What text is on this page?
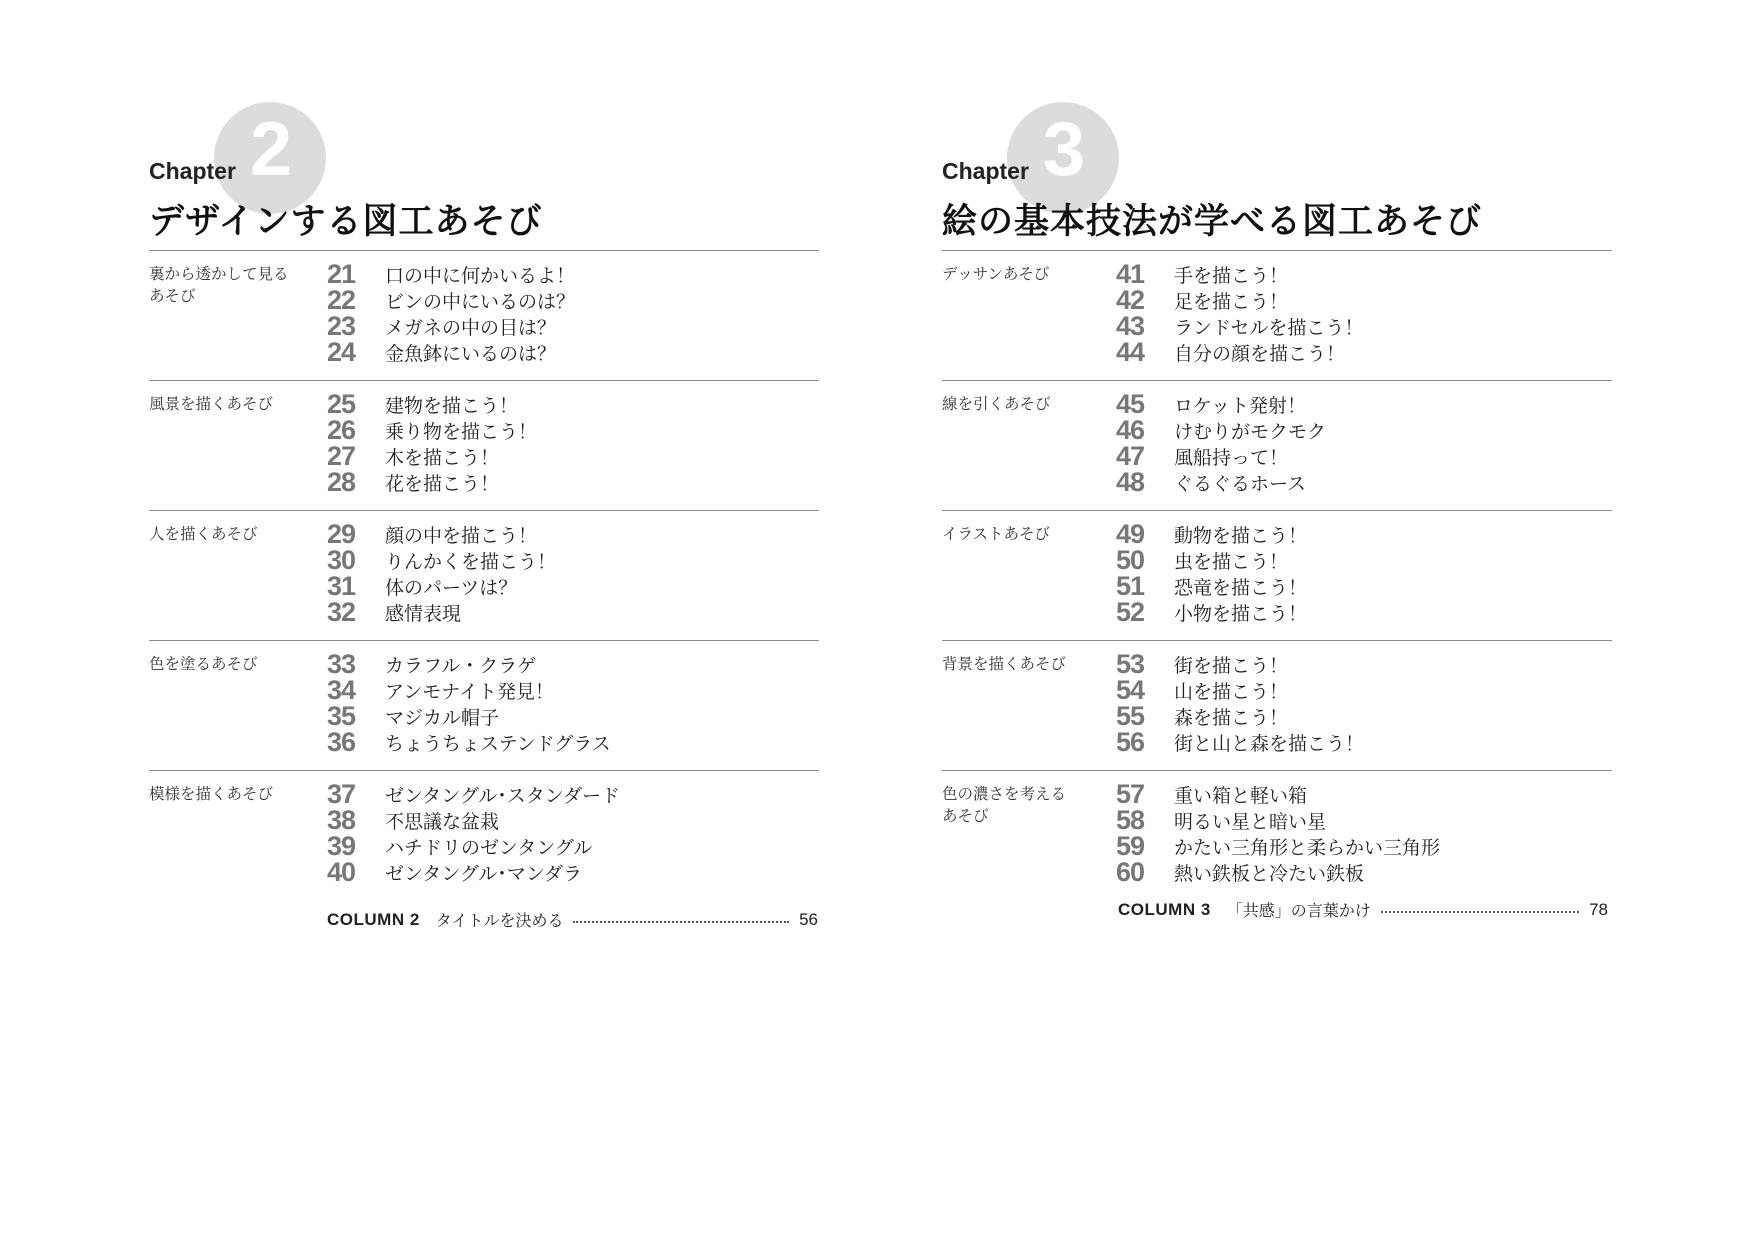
2
Chapter
デザインする図工あそび
裏から透かして見る
あそび
21	口の中に何かいるよ！
22	ビンの中にいるのは？
23	メガネの中の目は？
24	金魚鉢にいるのは？
風景を描くあそび	25	建物を描こう！
26	乗り物を描こう！
27	木を描こう！
28	花を描こう！
人を描くあそび	29	顔の中を描こう！
30	りんかくを描こう！
31	体のパーツは？
32	感情表現
色を塗るあそび	33	カラフル・クラゲ
34	アンモナイト発見！
35	マジカル帽子
36	ちょうちょステンドグラス
模様を描くあそび	37	ゼンタングル･スタンダード
38	不思議な盆栽
39	ハチドリのゼンタングル
40	ゼンタングル･マンダラ
3
Chapter
絵の基本技法が学べる図工あそび
デッサンあそび	41	手を描こう！
42	足を描こう！
43	ランドセルを描こう！
44	自分の顔を描こう！
線を引くあそび	45	ロケット発射！
46	けむりがモクモク
47	風船持って！
48	ぐるぐるホース
イラストあそび	49	動物を描こう！
50	虫を描こう！
51	恐竜を描こう！
52	小物を描こう！
背景を描くあそび	53	街を描こう！
54	山を描こう！
55	森を描こう！
56	街と山と森を描こう！
色の濃さを考える
あそび
57	重い箱と軽い箱
58	明るい星と暗い星
59	かたい三角形と柔らかい三角形
60	熱い鉄板と冷たい鉄板
COLUMN 2 タイトルを決める	56
COLUMN 3 「共感」の言葉かけ	78
